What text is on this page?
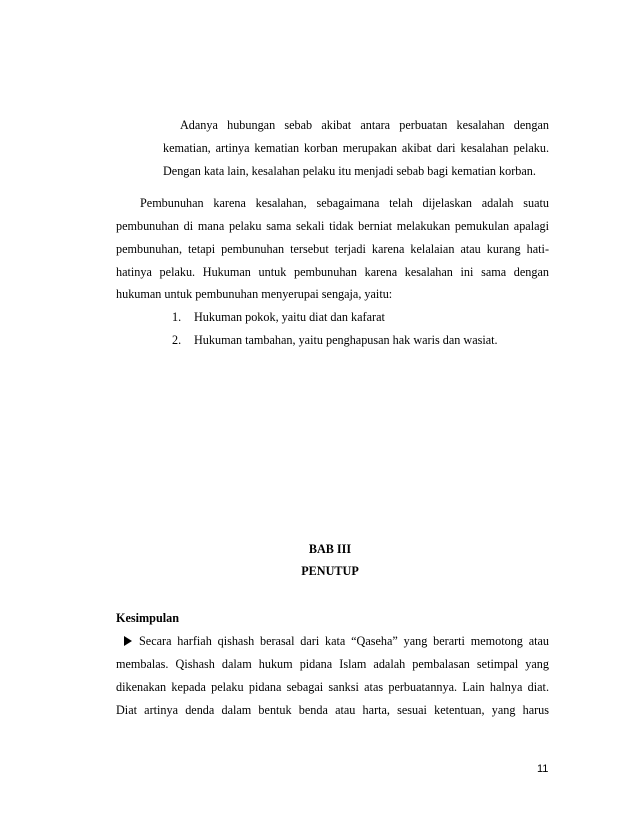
Adanya hubungan sebab akibat antara perbuatan kesalahan dengan
kematian, artinya kematian korban merupakan akibat dari kesalahan pelaku.
Dengan kata lain, kesalahan pelaku itu menjadi sebab bagi kematian korban.
Pembunuhan karena kesalahan, sebagaimana telah dijelaskan adalah suatu
pembunuhan di mana pelaku sama sekali tidak berniat melakukan pemukulan apalagi
pembunuhan, tetapi pembunuhan tersebut terjadi karena kelalaian atau kurang hati-
hatinya pelaku. Hukuman untuk pembunuhan karena kesalahan ini sama dengan
hukuman untuk pembunuhan menyerupai sengaja, yaitu:
1. Hukuman pokok, yaitu diat dan kafarat
2. Hukuman tambahan, yaitu penghapusan hak waris dan wasiat.
BAB III
PENUTUP
Kesimpulan
Secara harfiah qishash berasal dari kata “Qaseha” yang berarti memotong atau
membalas. Qishash dalam hukum pidana Islam adalah pembalasan setimpal yang
dikenakan kepada pelaku pidana sebagai sanksi atas perbuatannya. Lain halnya diat.
Diat artinya denda dalam bentuk benda atau harta, sesuai ketentuan, yang harus
11
